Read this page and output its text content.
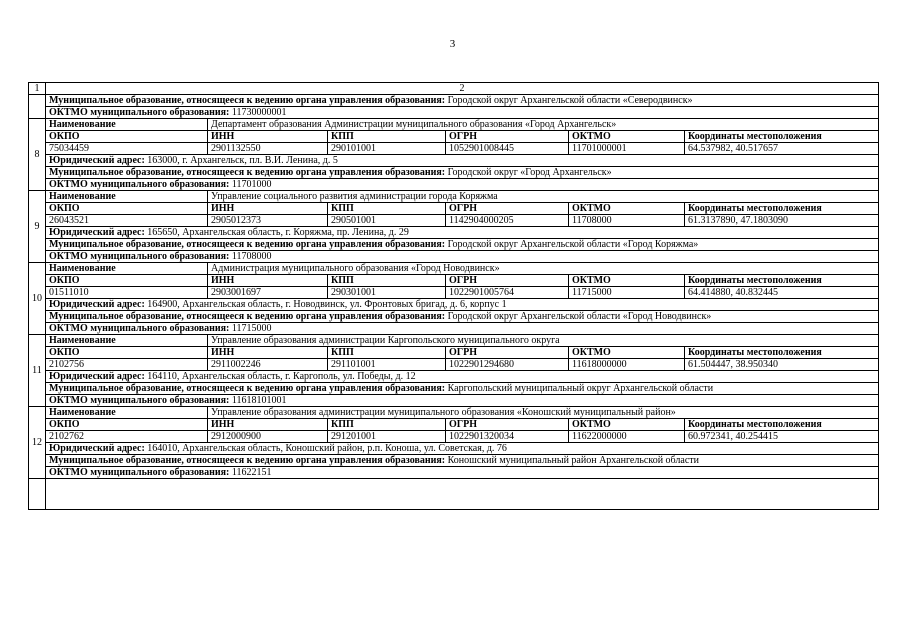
3
1	2					
	Муниципальное образование, относящееся к ведению органа управления образования: Городской округ Архангельской области «Северодвинск»					
	ОКТМО муниципального образования: 11730000001					
8	Наименование	Департамент образования Администрации муниципального образования «Город Архангельск»				
	ОКПО	ИНН	КПП	ОГРН	ОКТМО	Координаты местоположения
	75034459	2901132550	290101001	1052901008445	11701000001	64.537982, 40.517657
	Юридический адрес: 163000, г. Архангельск, пл. В.И. Ленина, д. 5					
	Муниципальное образование, относящееся к ведению органа управления образования: Городской округ «Город Архангельск»					
	ОКТМО муниципального образования: 11701000					
9	Наименование	Управление социального развития администрации города Коряжма				
	ОКПО	ИНН	КПП	ОГРН	ОКТМО	Координаты местоположения
	26043521	2905012373	290501001	1142904000205	11708000	61.3137890, 47.1803090
	Юридический адрес: 165650, Архангельская область, г. Коряжма, пр. Ленина, д. 29					
	Муниципальное образование, относящееся к ведению органа управления образования: Городской округ Архангельской области «Город Коряжма»					
	ОКТМО муниципального образования: 11708000					
10	Наименование	Администрация муниципального образования «Город Новодвинск»				
	ОКПО	ИНН	КПП	ОГРН	ОКТМО	Координаты местоположения
	01511010	2903001697	290301001	1022901005764	11715000	64.414880, 40.832445
	Юридический адрес: 164900, Архангельская область, г. Новодвинск, ул. Фронтовых бригад, д. 6, корпус 1					
	Муниципальное образование, относящееся к ведению органа управления образования: Городской округ Архангельской области «Город Новодвинск»					
	ОКТМО муниципального образования: 11715000					
11	Наименование	Управление образования администрации Каргопольского муниципального округа				
	ОКПО	ИНН	КПП	ОГРН	ОКТМО	Координаты местоположения
	2102756	2911002246	291101001	1022901294680	11618000000	61.504447, 38.950340
	Юридический адрес: 164110, Архангельская область, г. Каргополь, ул. Победы, д. 12					
	Муниципальное образование, относящееся к ведению органа управления образования: Каргопольский муниципальный округ Архангельской области					
	ОКТМО муниципального образования: 11618101001					
12	Наименование	Управление образования администрации муниципального образования «Коношский муниципальный район»				
	ОКПО	ИНН	КПП	ОГРН	ОКТМО	Координаты местоположения
	2102762	2912000900	291201001	1022901320034	11622000000	60.972341, 40.254415
	Юридический адрес: 164010, Архангельская область, Коношский район, р.п. Коноша, ул. Советская, д. 76					
	Муниципальное образование, относящееся к ведению органа управления образования: Коношский муниципальный район Архангельской области					
	ОКТМО муниципального образования: 11622151					
